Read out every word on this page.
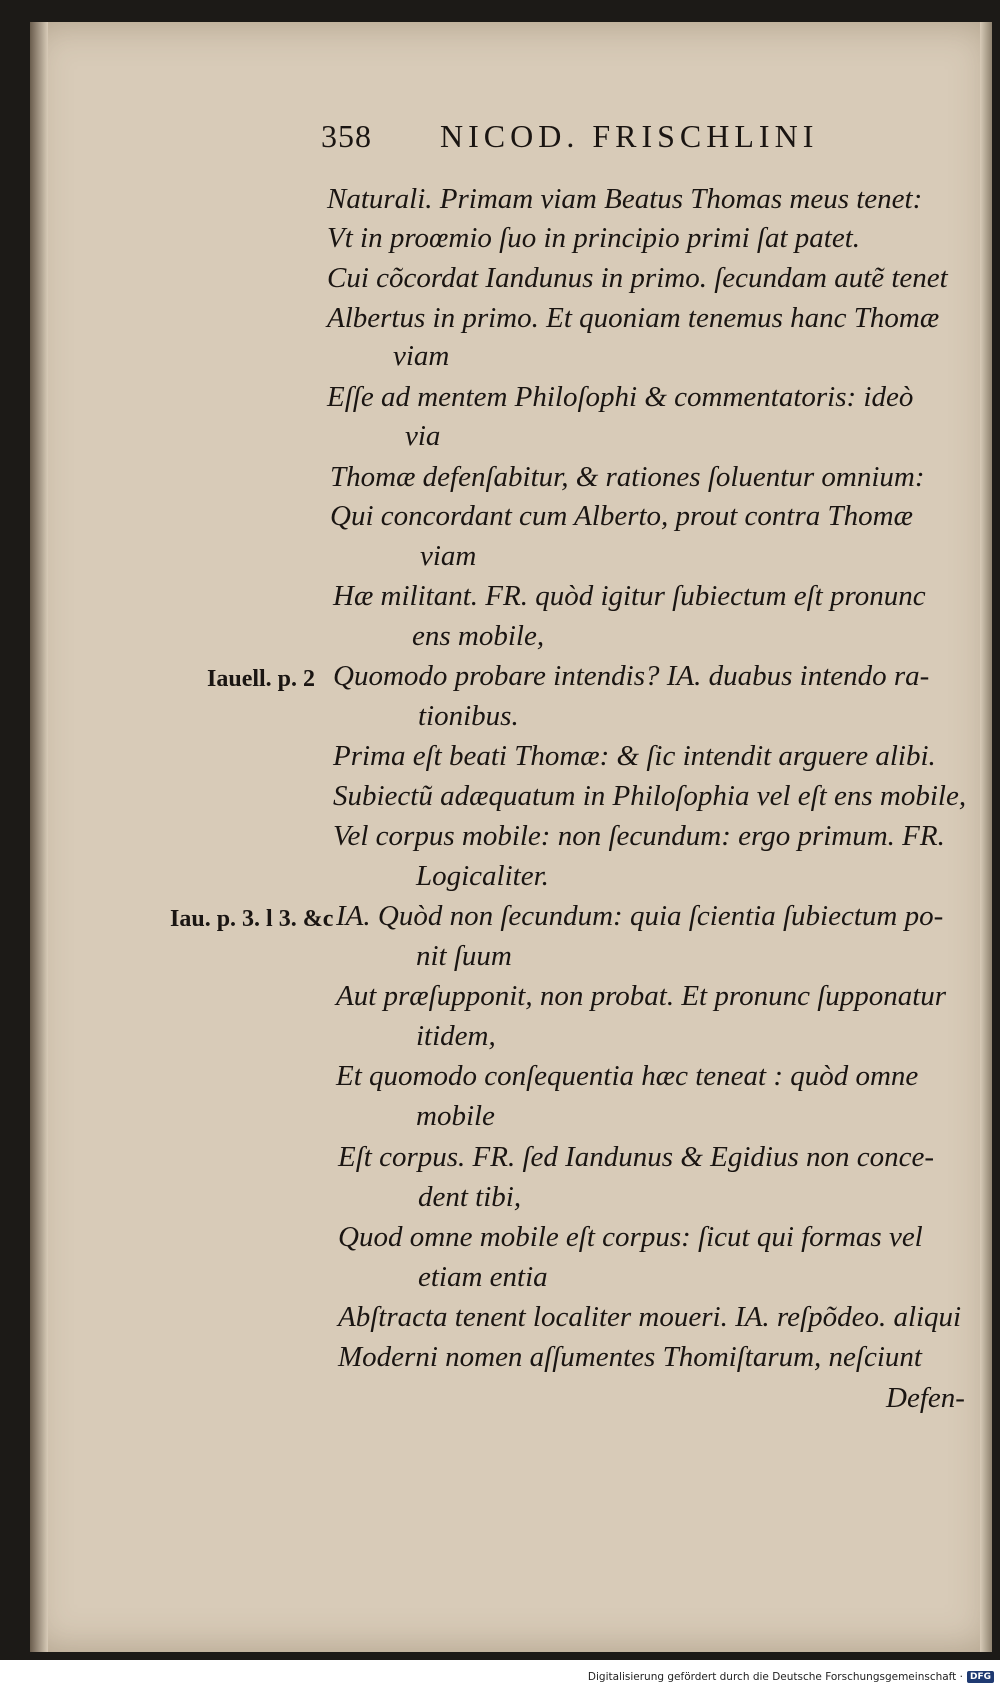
358 NICOD. FRISCHLINI
Naturali. Primam viam Beatus Thomas meus tenet:
Vt in proœmio ſuo in principio primi ſat patet.
Cui cõcordat Iandunus in primo. ſecundam autẽ tenet
Albertus in primo. Et quoniam tenemus hanc Thomæ
viam
Eſſe ad mentem Philoſophi & commentatoris: ideò
via
Thomæ defenſabitur, & rationes ſoluentur omnium:
Qui concordant cum Alberto, prout contra Thomæ
viam
Hæ militant. FR. quòd igitur ſubiectum eſt pronunc
ens mobile,
Quomodo probare intendis? IA. duabus intendo ra-
tionibus.
Prima eſt beati Thomæ: & ſic intendit arguere alibi.
Subiectũ adæquatum in Philoſophia vel eſt ens mobile,
Vel corpus mobile: non ſecundum: ergo primum. FR.
Logicaliter.
IA. Quòd non ſecundum: quia ſcientia ſubiectum po-
nit ſuum
Aut præſupponit, non probat. Et pronunc ſupponatur
itidem,
Et quomodo conſequentia hæc teneat : quòd omne
mobile
Eſt corpus. FR. ſed Iandunus & Egidius non conce-
dent tibi,
Quod omne mobile eſt corpus: ſicut qui formas vel
etiam entia
Abſtracta tenent localiter moueri. IA. reſpõdeo. aliqui
Moderni nomen aſſumentes Thomiſtarum, neſciunt
Defen-
Iauell. p. 2
Iau. p. 3. l 3. &c
Digitalisierung gefördert durch die Deutsche Forschungsgemeinschaft · DFG
